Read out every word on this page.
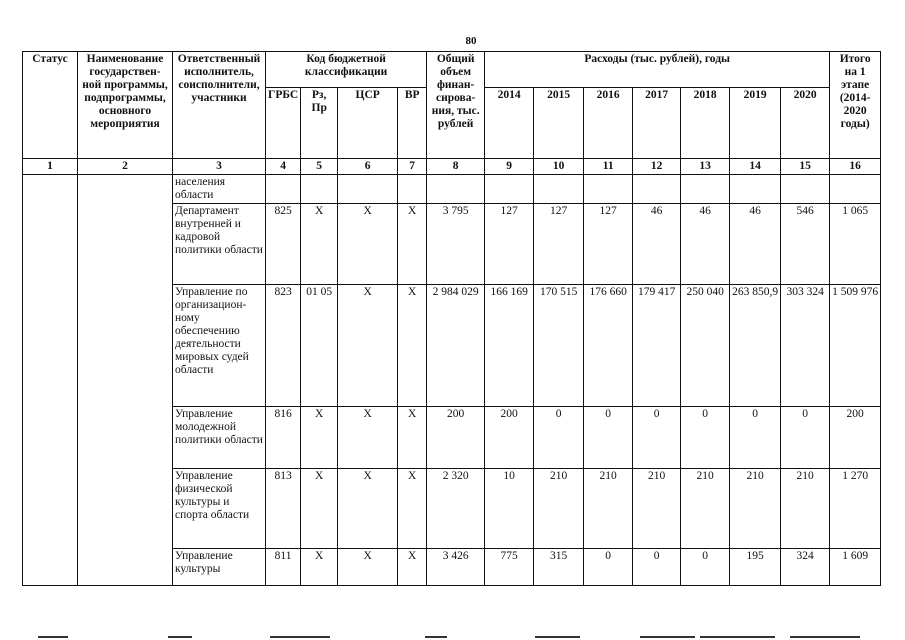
80
Статус	Наименование государствен-ной программы, подпрограммы, основного мероприятия	Ответственный исполнитель, соисполнители, участники	Код бюджетной классификации				Общий объем финан-сирова-ния, тыс. рублей	Расходы (тыс. рублей), годы							Итого на 1 этапе (2014-2020 годы)
			ГРБС	Рз, Пр	ЦСР	ВР		2014	2015	2016	2017	2018	2019	2020	
1	2	3	4	5	6	7	8	9	10	11	12	13	14	15	16
		населения области													
		Департамент внутренней и кадровой политики области	825	Х	Х	Х	3 795	127	127	127	46	46	46	546	1 065
		Управление по организацион-ному обеспечению деятельности мировых судей области	823	01 05	Х	Х	2 984 029	166 169	170 515	176 660	179 417	250 040	263 850,9	303 324	1 509 976
		Управление молодежной политики области	816	Х	Х	Х	200	200	0	0	0	0	0	0	200
		Управление физической культуры и спорта области	813	Х	Х	Х	2 320	10	210	210	210	210	210	210	1 270
		Управление культуры	811	Х	Х	Х	3 426	775	315	0	0	0	195	324	1 609
